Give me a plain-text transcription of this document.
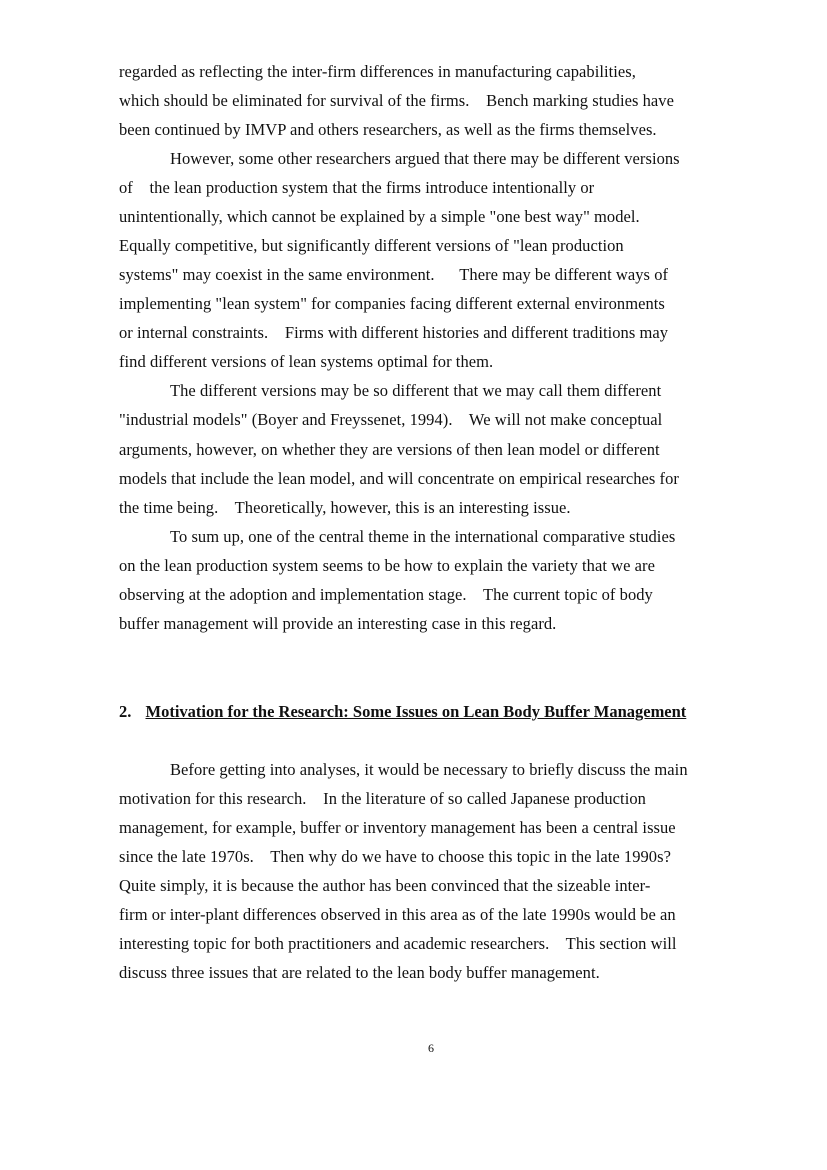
regarded as reflecting the inter-firm differences in manufacturing capabilities,

which should be eliminated for survival of the firms.    Bench marking studies have

been continued by IMVP and others researchers, as well as the firms themselves.

However, some other researchers argued that there may be different versions

of    the lean production system that the firms introduce intentionally or

unintentionally, which cannot be explained by a simple "one best way" model.

Equally competitive, but significantly different versions of "lean production

systems" may coexist in the same environment.      There may be different ways of

implementing "lean system" for companies facing different external environments

or internal constraints.    Firms with different histories and different traditions may

find different versions of lean systems optimal for them.

The different versions may be so different that we may call them different

"industrial models" (Boyer and Freyssenet, 1994).    We will not make conceptual

arguments, however, on whether they are versions of then lean model or different

models that include the lean model, and will concentrate on empirical researches for

the time being.    Theoretically, however, this is an interesting issue.

To sum up, one of the central theme in the international comparative studies

on the lean production system seems to be how to explain the variety that we are

observing at the adoption and implementation stage.    The current topic of body

buffer management will provide an interesting case in this regard.

2. Motivation for the Research: Some Issues on Lean Body Buffer Management

Before getting into analyses, it would be necessary to briefly discuss the main

motivation for this research.    In the literature of so called Japanese production

management, for example, buffer or inventory management has been a central issue

since the late 1970s.    Then why do we have to choose this topic in the late 1990s?

Quite simply, it is because the author has been convinced that the sizeable inter-

firm or inter-plant differences observed in this area as of the late 1990s would be an

interesting topic for both practitioners and academic researchers.    This section will

discuss three issues that are related to the lean body buffer management.

6
